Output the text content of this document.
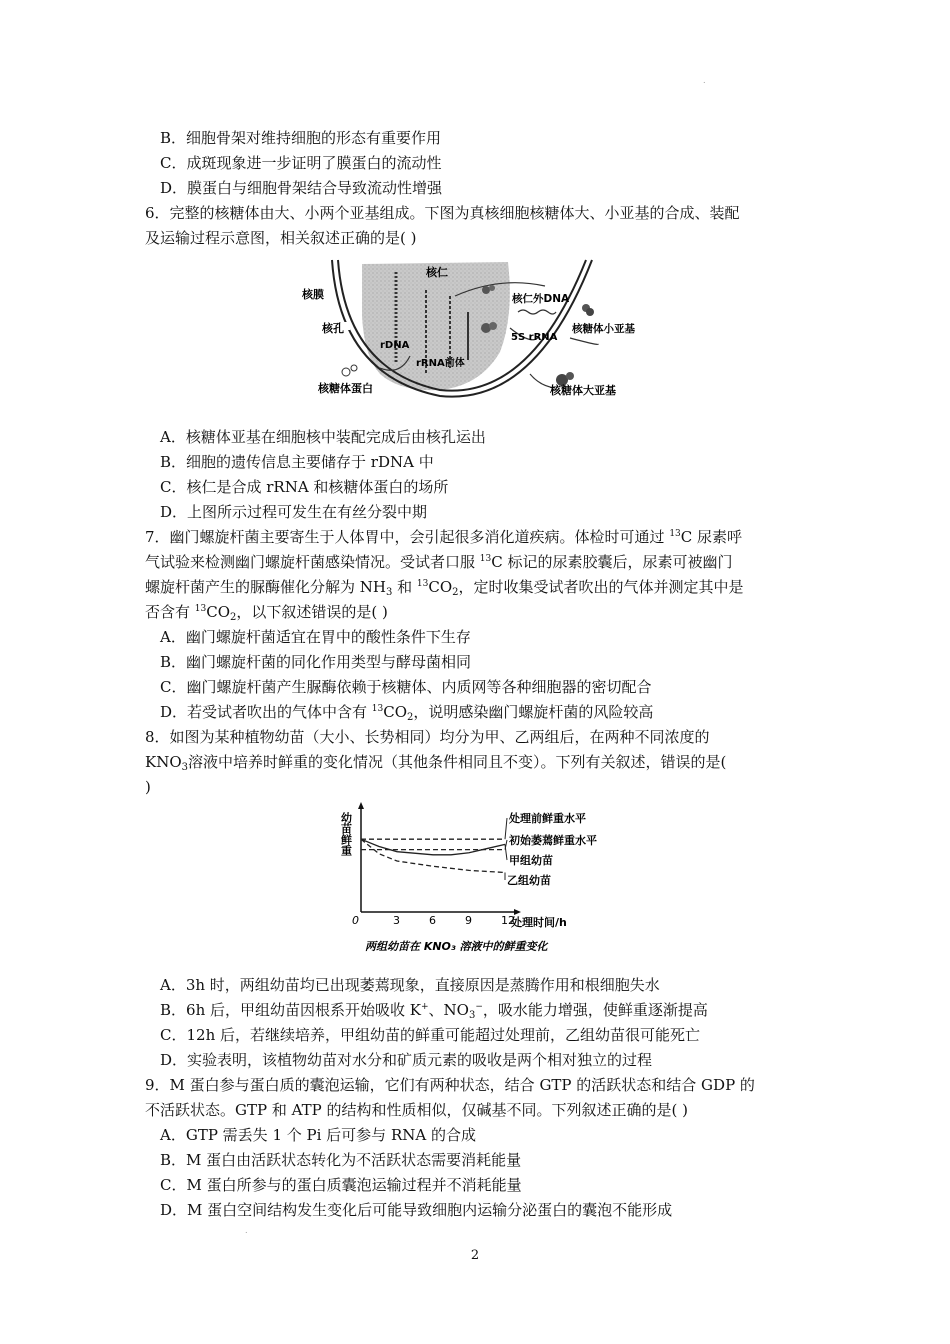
.
B．细胞骨架对维持细胞的形态有重要作用
C．成斑现象进一步证明了膜蛋白的流动性
D．膜蛋白与细胞骨架结合导致流动性增强
6．完整的核糖体由大、小两个亚基组成。下图为真核细胞核糖体大、小亚基的合成、装配
及运输过程示意图，相关叙述正确的是( )
核膜
核仁
核仁外DNA
核孔	核糖体小亚基
5S rRNA
rDNA
rRNA前体
核糖体蛋白	核糖体大亚基
A．核糖体亚基在细胞核中装配完成后由核孔运出
B．细胞的遗传信息主要储存于 rDNA 中
C．核仁是合成 rRNA 和核糖体蛋白的场所
D．上图所示过程可发生在有丝分裂中期
7．幽门螺旋杆菌主要寄生于人体胃中，会引起很多消化道疾病。体检时可通过 $^{13}$C 尿素呼
气试验来检测幽门螺旋杆菌感染情况。受试者口服 $^{13}$C 标记的尿素胶囊后，尿素可被幽门
螺旋杆菌产生的脲酶催化分解为 $NH_3$ 和 $^{13}CO_2$，定时收集受试者吹出的气体并测定其中是
否含有 $^{13}CO_2$，以下叙述错误的是( )
A．幽门螺旋杆菌适宜在胃中的酸性条件下生存
B．幽门螺旋杆菌的同化作用类型与酵母菌相同
C．幽门螺旋杆菌产生脲酶依赖于核糖体、内质网等各种细胞器的密切配合
D．若受试者吹出的气体中含有 $^{13}CO_2$，说明感染幽门螺旋杆菌的风险较高
8．如图为某种植物幼苗（大小、长势相同）均分为甲、乙两组后，在两种不同浓度的
$KNO_3$溶液中培养时鲜重的变化情况（其他条件相同且不变）。下列有关叙述，错误的是(
)
幼苗鲜重
处理时间/h
两组幼苗在 KNO₃ 溶液中的鲜重变化
0	3	6	9	12
处理前鲜重水平
初始萎蔫鲜重水平
甲组幼苗
乙组幼苗
A．3h 时，两组幼苗均已出现萎蔫现象，直接原因是蒸腾作用和根细胞失水
B．6h 后，甲组幼苗因根系开始吸收 K+、$NO_3^-$，吸水能力增强，使鲜重逐渐提高
C．12h 后，若继续培养，甲组幼苗的鲜重可能超过处理前，乙组幼苗很可能死亡
D．实验表明，该植物幼苗对水分和矿质元素的吸收是两个相对独立的过程
9．M 蛋白参与蛋白质的囊泡运输，它们有两种状态，结合 GTP 的活跃状态和结合 GDP 的
不活跃状态。GTP 和 ATP 的结构和性质相似，仅碱基不同。下列叙述正确的是( )
A．GTP 需丢失 1 个 Pi 后可参与 RNA 的合成
B．M 蛋白由活跃状态转化为不活跃状态需要消耗能量
C．M 蛋白所参与的蛋白质囊泡运输过程并不消耗能量
D．M 蛋白空间结构发生变化后可能导致细胞内运输分泌蛋白的囊泡不能形成
.
2
